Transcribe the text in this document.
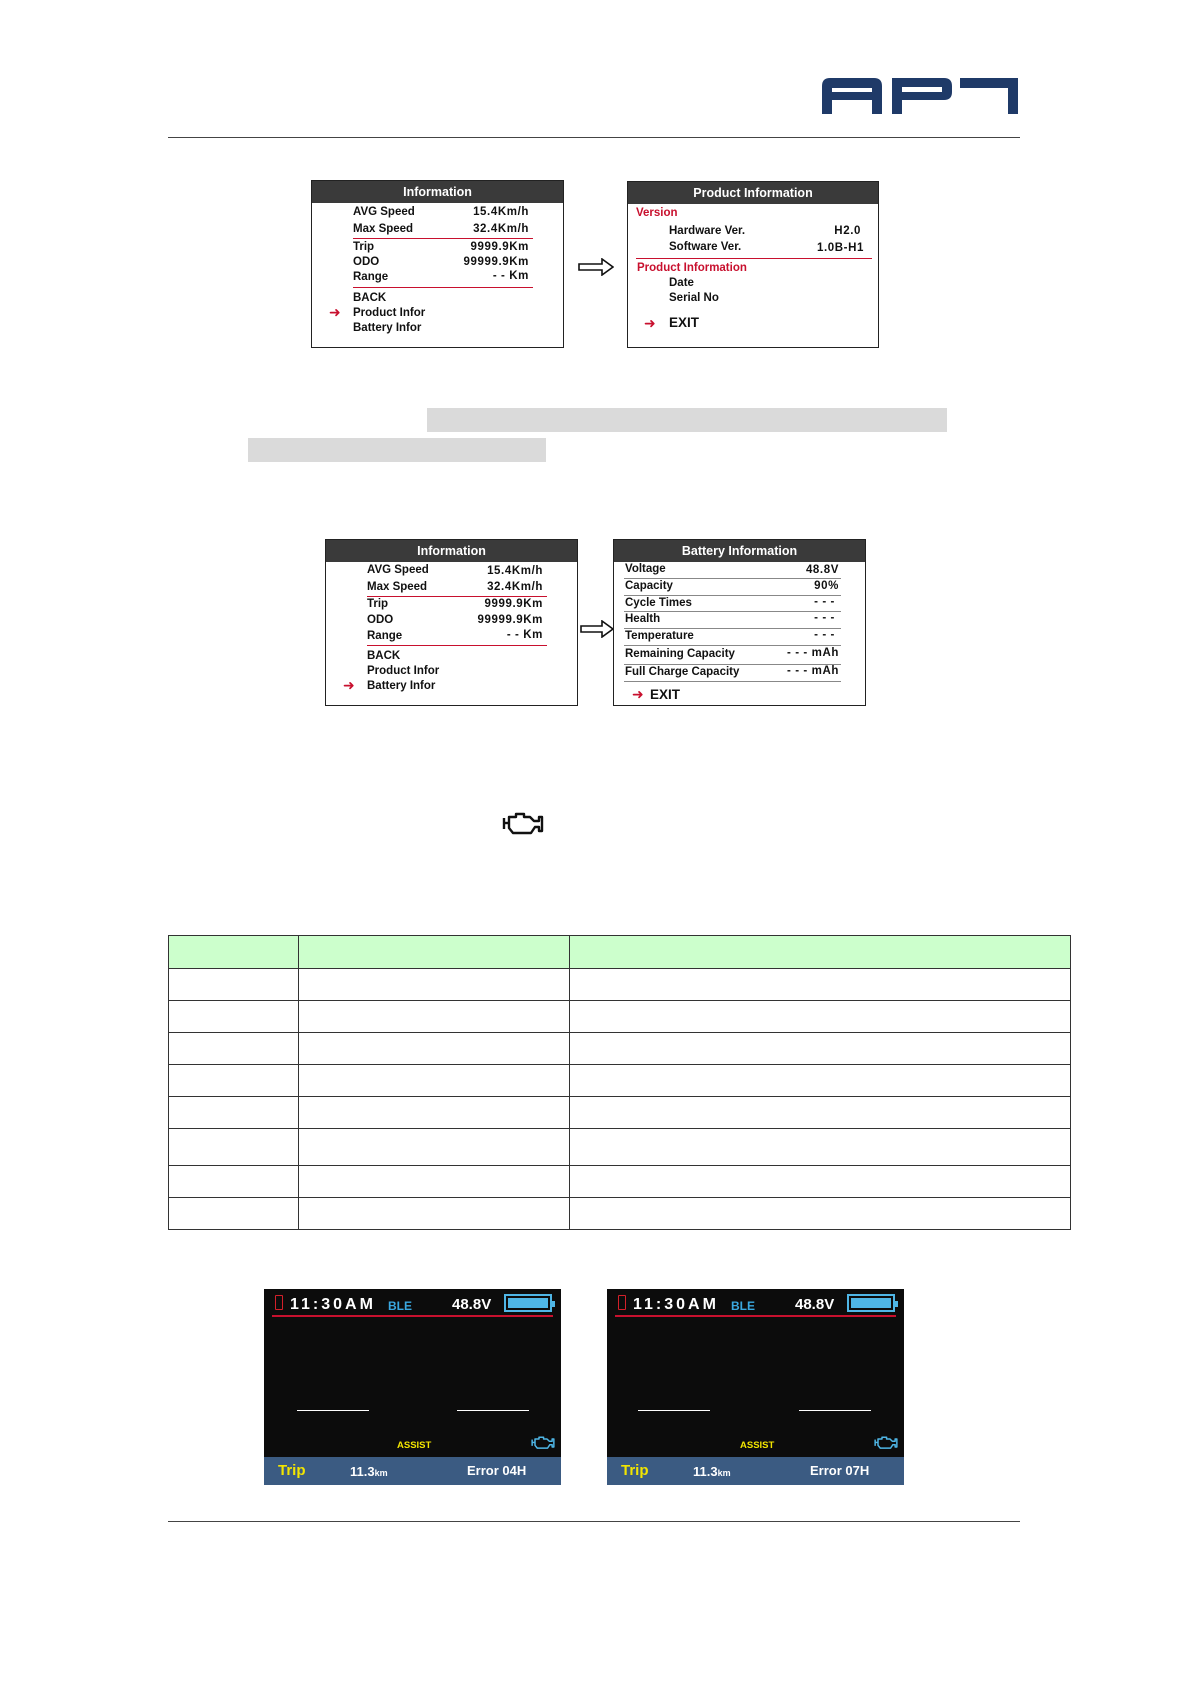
Information
AVG Speed	15.4Km/h
Max Speed	32.4Km/h
Trip	9999.9Km
ODO	99999.9Km
Range	- - Km
BACK
➜ Product Infor
Battery Infor
Product Information
Version
Hardware Ver.	H2.0
Software Ver.	1.0B-H1
Product Information
Date
Serial No
➜ EXIT
Information
AVG Speed	15.4Km/h
Max Speed	32.4Km/h
Trip	9999.9Km
ODO	99999.9Km
Range	- - Km
BACK
Product Infor
➜ Battery Infor
Battery Information
Voltage	48.8V
Capacity	90%
Cycle Times	- - -
Health	- - -
Temperature	- - -
Remaining Capacity	- - - mAh
Full Charge Capacity	- - - mAh
➜ EXIT

11:30AM BLE	48.8V
ASSIST
Trip	11.3km	Error 04H
11:30AM BLE	48.8V
ASSIST
Trip	11.3km	Error 07H
